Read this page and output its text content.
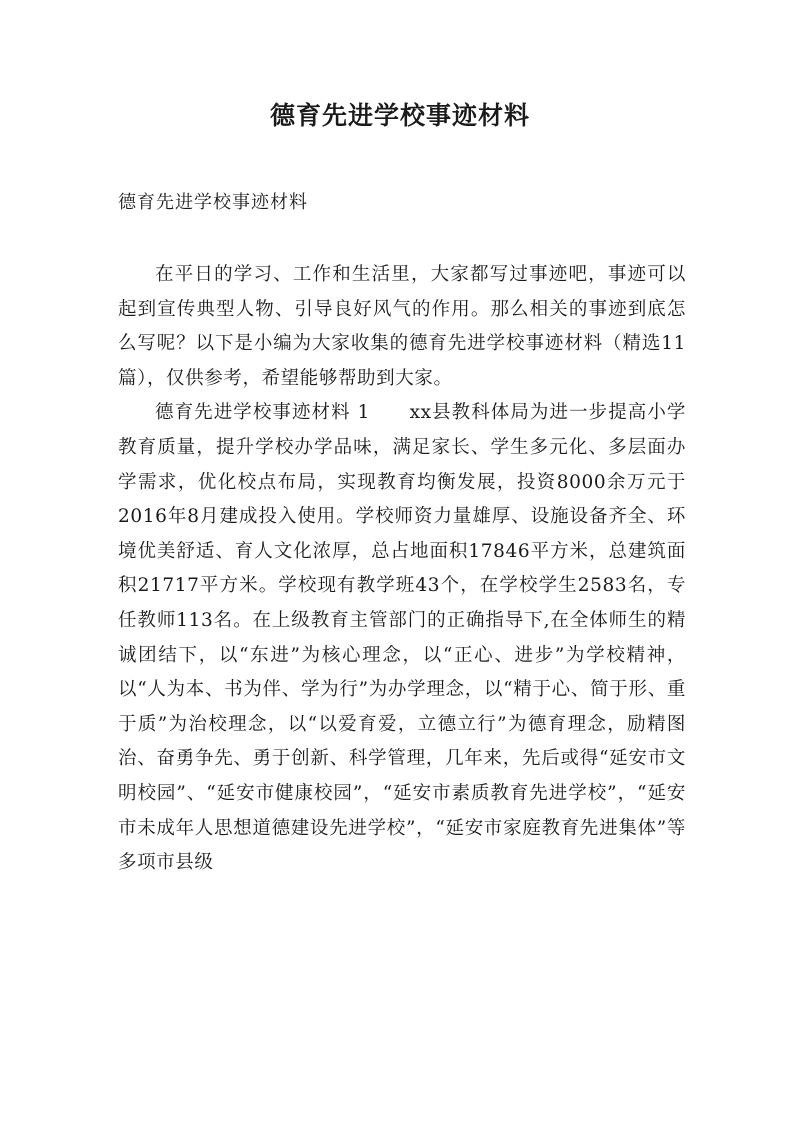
德育先进学校事迹材料

德育先进学校事迹材料

在平日的学习、工作和生活里，大家都写过事迹吧，事迹可以起到宣传典型人物、引导良好风气的作用。那么相关的事迹到底怎么写呢？以下是小编为大家收集的德育先进学校事迹材料（精选11篇），仅供参考，希望能够帮助到大家。

德育先进学校事迹材料 1　　xx县教科体局为进一步提高小学教育质量，提升学校办学品味，满足家长、学生多元化、多层面办学需求，优化校点布局，实现教育均衡发展，投资8000余万元于2016年8月建成投入使用。学校师资力量雄厚、设施设备齐全、环境优美舒适、育人文化浓厚，总占地面积17846平方米，总建筑面积21717平方米。学校现有教学班43个，在学校学生2583名，专任教师113名。在上级教育主管部门的正确指导下,在全体师生的精诚团结下，以“东进”为核心理念，以“正心、进步”为学校精神，以“人为本、书为伴、学为行”为办学理念，以“精于心、简于形、重于质”为治校理念，以“以爱育爱，立德立行”为德育理念，励精图治、奋勇争先、勇于创新、科学管理，几年来，先后或得“延安市文明校园”、“延安市健康校园”，“延安市素质教育先进学校”，“延安市未成年人思想道德建设先进学校”，“延安市家庭教育先进集体”等多项市县级
